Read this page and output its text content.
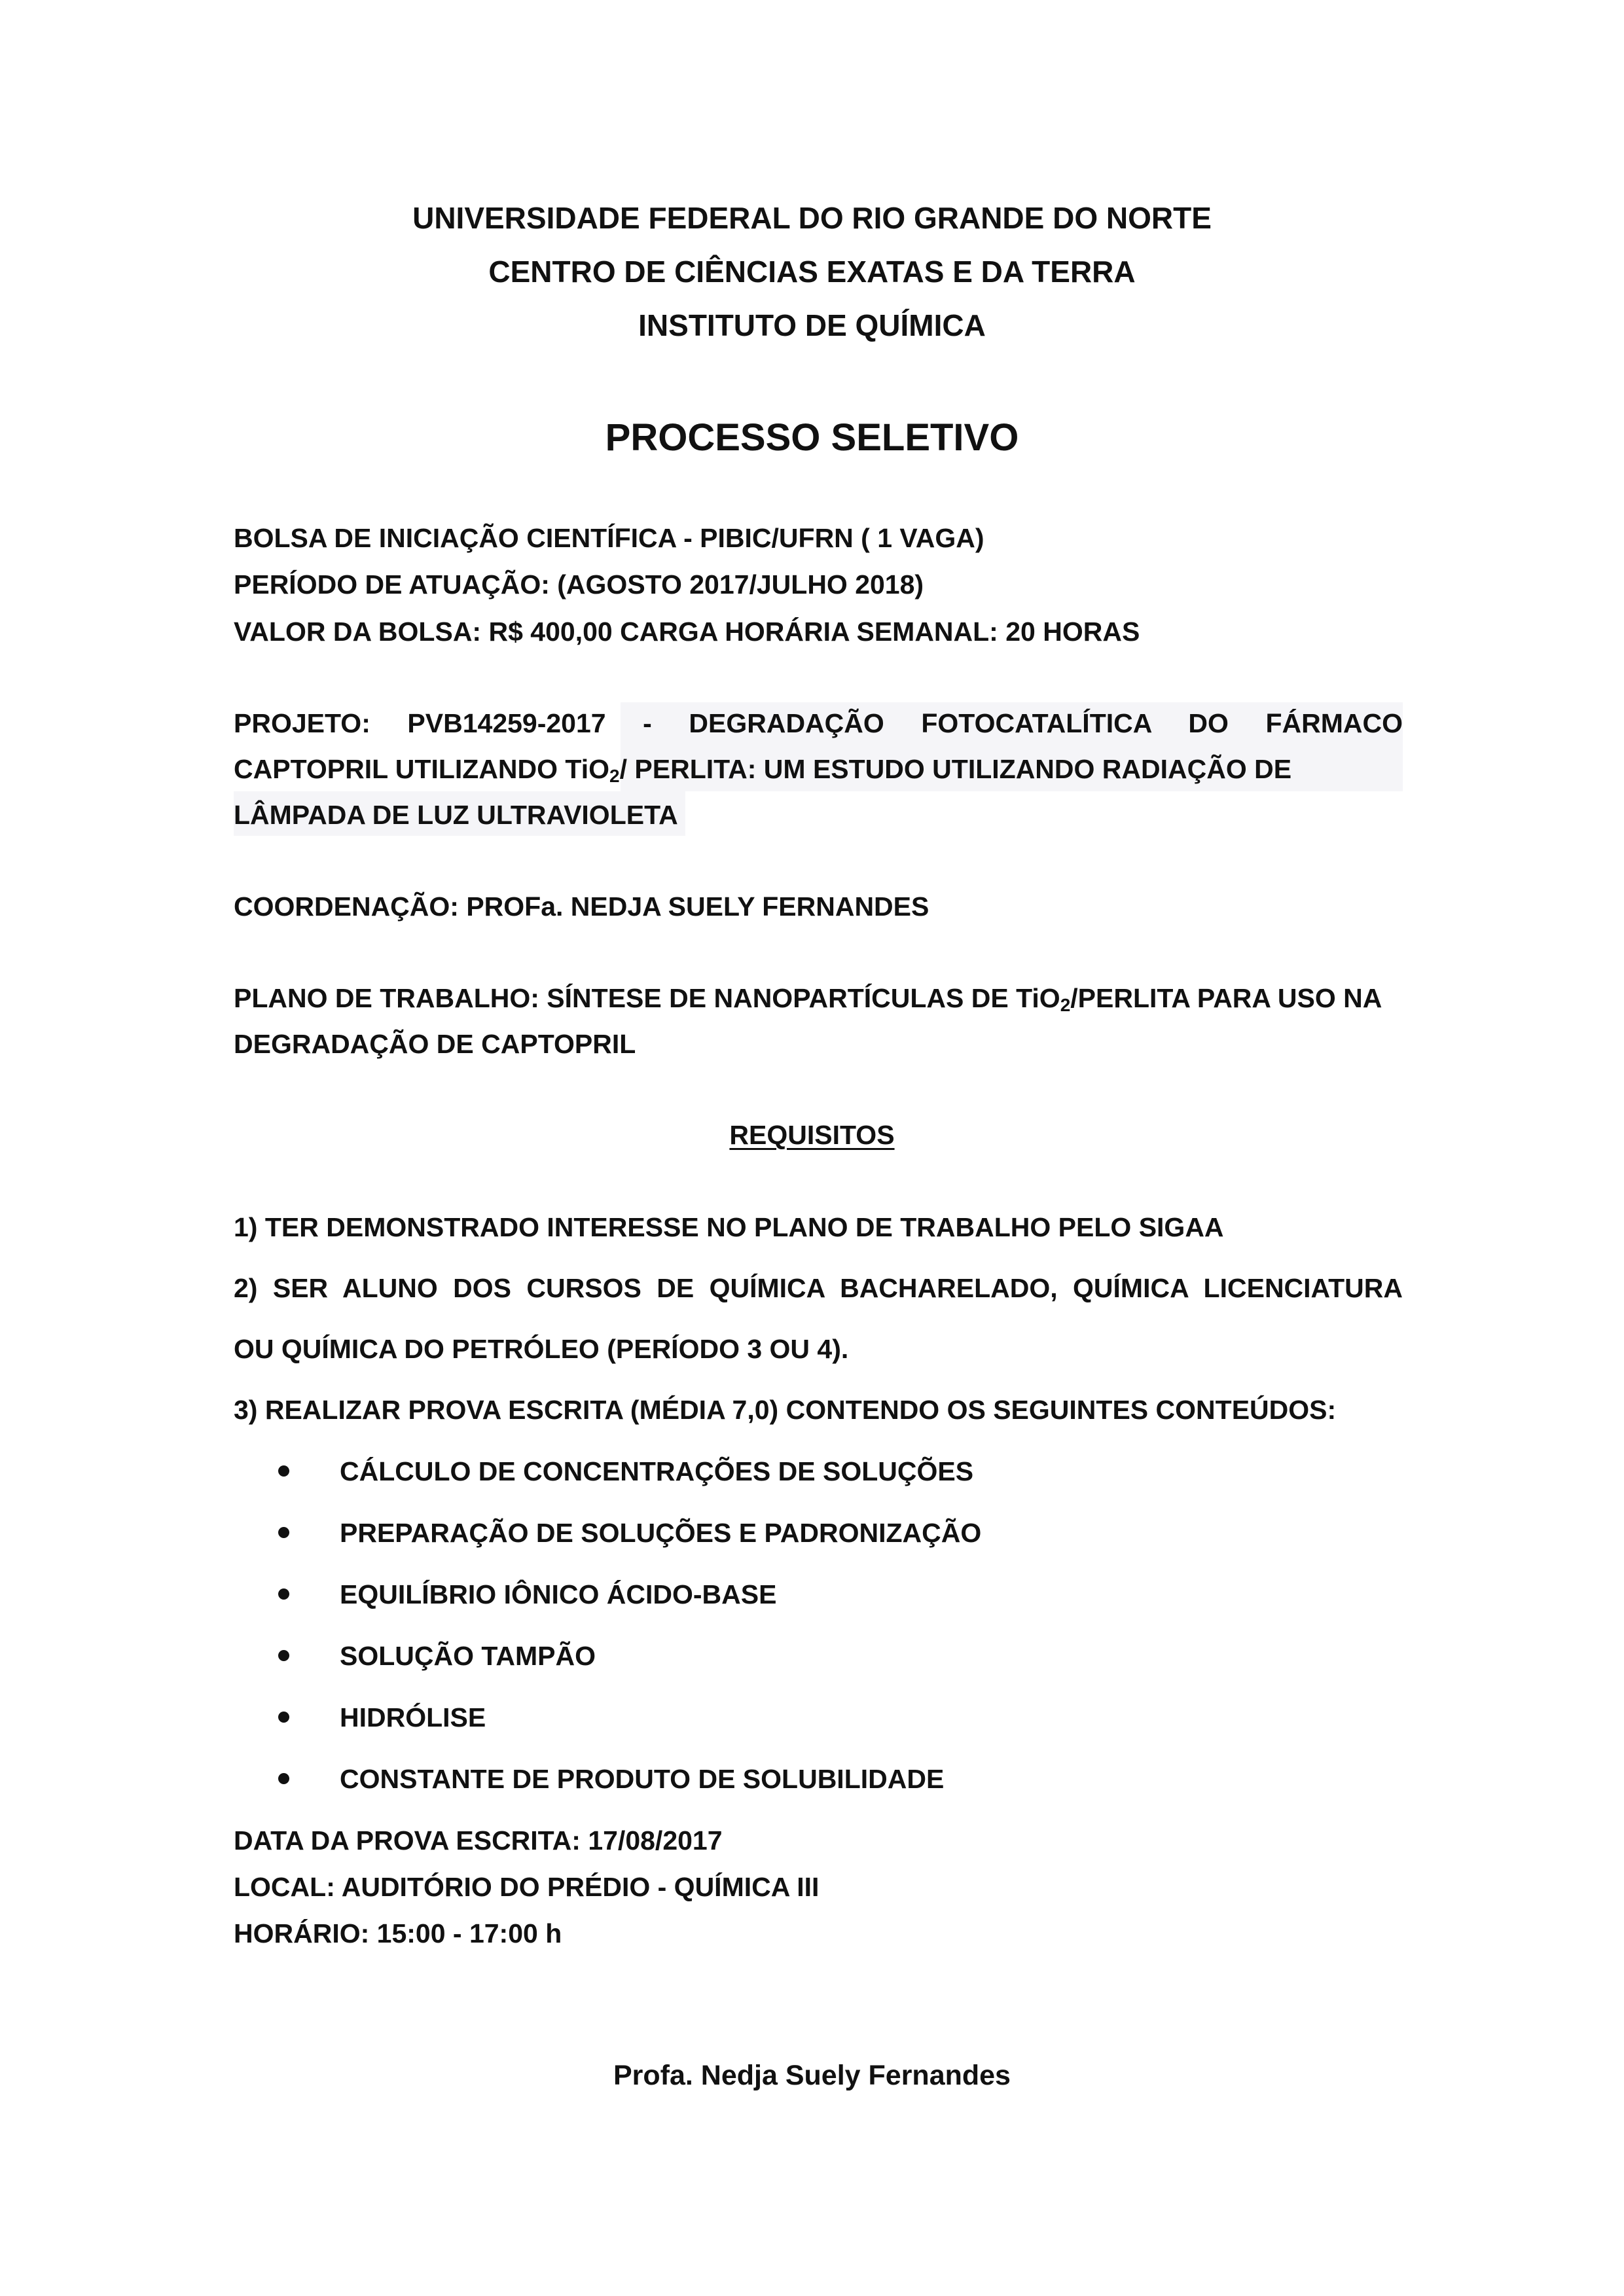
UNIVERSIDADE FEDERAL DO RIO GRANDE DO NORTE
CENTRO DE CIÊNCIAS EXATAS E DA TERRA
INSTITUTO DE QUÍMICA
PROCESSO SELETIVO
BOLSA DE INICIAÇÃO CIENTÍFICA - PIBIC/UFRN ( 1 VAGA)
PERÍODO DE ATUAÇÃO: (AGOSTO 2017/JULHO 2018)
VALOR DA BOLSA: R$ 400,00 CARGA HORÁRIA SEMANAL: 20 HORAS
PROJETO: PVB14259-2017 - DEGRADAÇÃO FOTOCATALÍTICA DO FÁRMACO
CAPTOPRIL UTILIZANDO TiO$_2$/ PERLITA: UM ESTUDO UTILIZANDO RADIAÇÃO DE
LÂMPADA DE LUZ ULTRAVIOLETA
COORDENAÇÃO: PROFa. NEDJA SUELY FERNANDES
PLANO DE TRABALHO: SÍNTESE DE NANOPARTÍCULAS DE TiO$_2$/PERLITA PARA USO NA
DEGRADAÇÃO DE CAPTOPRIL
REQUISITOS
1) TER DEMONSTRADO INTERESSE NO PLANO DE TRABALHO PELO SIGAA
2) SER ALUNO DOS CURSOS DE QUÍMICA BACHARELADO, QUÍMICA LICENCIATURA
OU QUÍMICA DO PETRÓLEO (PERÍODO 3 OU 4).
3) REALIZAR PROVA ESCRITA (MÉDIA 7,0) CONTENDO OS SEGUINTES CONTEÚDOS:
CÁLCULO DE CONCENTRAÇÕES DE SOLUÇÕES
PREPARAÇÃO DE SOLUÇÕES E PADRONIZAÇÃO
EQUILÍBRIO IÔNICO ÁCIDO-BASE
SOLUÇÃO TAMPÃO
HIDRÓLISE
CONSTANTE DE PRODUTO DE SOLUBILIDADE
DATA DA PROVA ESCRITA: 17/08/2017
LOCAL: AUDITÓRIO DO PRÉDIO - QUÍMICA III
HORÁRIO: 15:00 - 17:00 h
Profa. Nedja Suely Fernandes
